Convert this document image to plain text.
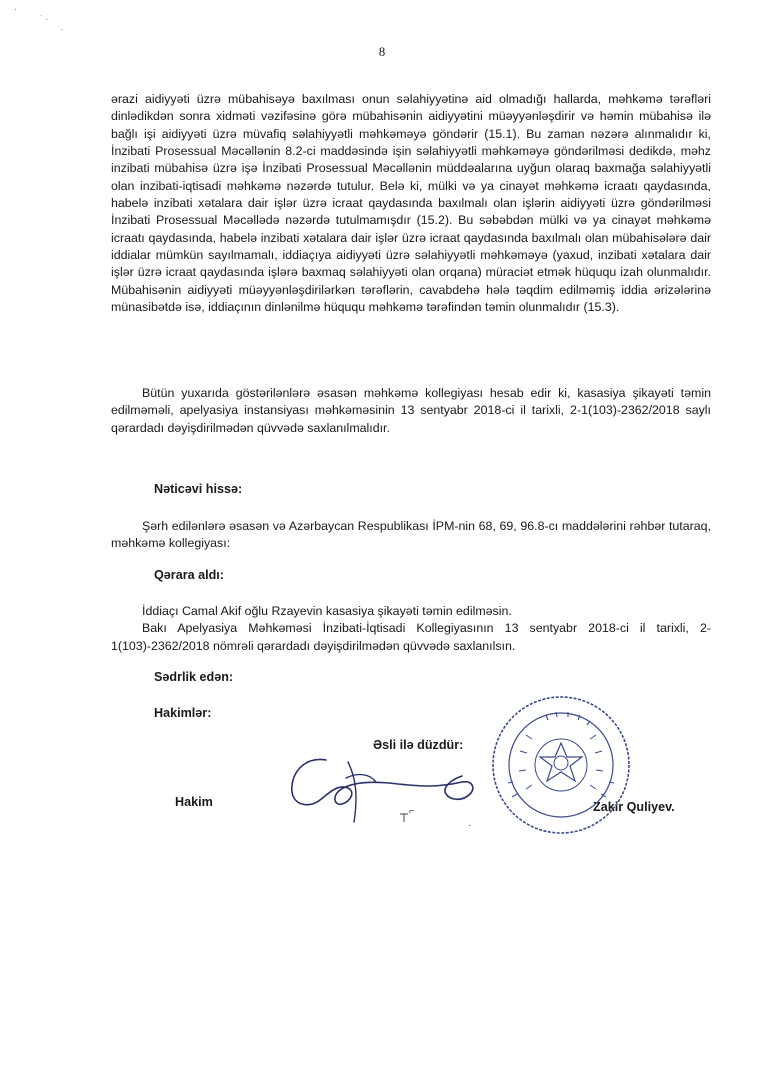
·
˙ ·
·
8

ərazi aidiyyəti üzrə mübahisəyə baxılması onun səlahiyyətinə aid olmadığı hallarda, məhkəmə tərəfləri dinlədikdən sonra xidməti vəzifəsinə görə mübahisənin aidiyyətini müəyyənləşdirir və həmin mübahisə ilə bağlı işi aidiyyəti üzrə müvafiq səlahiyyətli məhkəməyə göndərir (15.1). Bu zaman nəzərə alınmalıdır ki, İnzibati Prosessual Məcəllənin 8.2-ci maddəsində işin səlahiyyətli məhkəməyə göndərilməsi dedikdə, məhz inzibati mübahisə üzrə işə İnzibati Prosessual Məcəllənin müddəalarına uyğun olaraq baxmağa səlahiyyətli olan inzibati-iqtisadi məhkəmə nəzərdə tutulur. Belə ki, mülki və ya cinayət məhkəmə icraatı qaydasında, habelə inzibati xətalara dair işlər üzrə icraat qaydasında baxılmalı olan işlərin aidiyyəti üzrə göndərilməsi İnzibati Prosessual Məcəllədə nəzərdə tutulmamışdır (15.2). Bu səbəbdən mülki və ya cinayət məhkəmə icraatı qaydasında, habelə inzibati xətalara dair işlər üzrə icraat qaydasında baxılmalı olan mübahisələrə dair iddialar mümkün sayılmamalı, iddiaçıya aidiyyəti üzrə səlahiyyətli məhkəməyə (yaxud, inzibati xətalara dair işlər üzrə icraat qaydasında işlərə baxmaq səlahiyyəti olan orqana) müraciət etmək hüququ izah olunmalıdır. Mübahisənin aidiyyəti müəyyənləşdirilərkən tərəflərin, cavabdehə hələ təqdim edilməmiş iddia ərizələrinə münasibətdə isə, iddiaçının dinlənilmə hüququ məhkəmə tərəfindən təmin olunmalıdır (15.3).

Bütün yuxarıda göstərilənlərə əsasən məhkəmə kollegiyası hesab edir ki, kasasiya şikayəti təmin edilməməli, apelyasiya instansiyası məhkəməsinin 13 sentyabr 2018-ci il tarixli, 2-1(103)-2362/2018 saylı qərardadı dəyişdirilmədən qüvvədə saxlanılmalıdır.

Nəticəvi hissə:

Şərh edilənlərə əsasən və Azərbaycan Respublikası İPM-nin 68, 69, 96.8-cı maddələrini rəhbər tutaraq, məhkəmə kollegiyası:

Qərara aldı:

İddiaçı Camal Akif oğlu Rzayevin kasasiya şikayəti təmin edilməsin.

Bakı Apelyasiya Məhkəməsi İnzibati-İqtisadi Kollegiyasının 13 sentyabr 2018-ci il tarixli, 2-1(103)-2362/2018 nömrəli qərardadı dəyişdirilmədən qüvvədə saxlanılsın.

Sədrlik edən:
Hakimlər:
Əsli ilə düzdür:
Hakim	Zakir Quliyev.
⌐
·
